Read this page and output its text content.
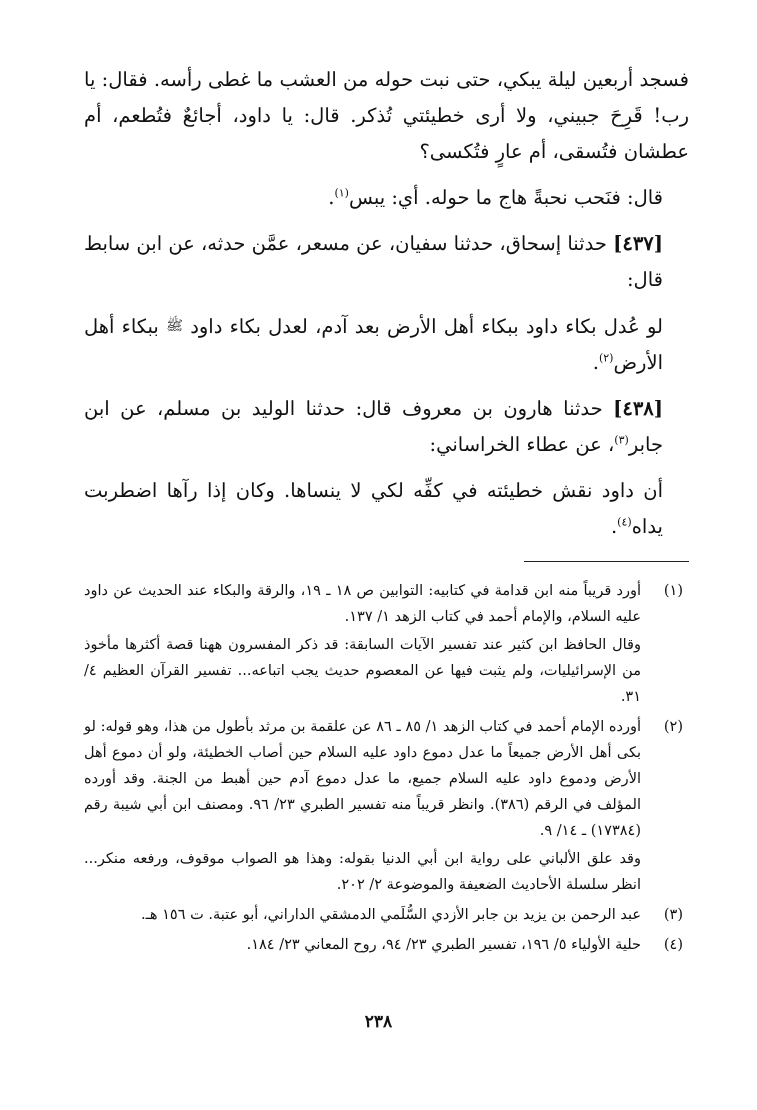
فسجد أربعين ليلة يبكي، حتى نبت حوله من العشب ما غطى رأسه. فقال: يا رب! قَرِحَ جبيني، ولا أرى خطيئتي تُذكر. قال: يا داود، أجائعٌ فتُطعم، أم عطشان فتُسقى، أم عارٍ فتُكسى؟

قال: فنَحب نحبةً هاج ما حوله. أي: يبس$^{(١)}$.

[٤٣٧] حدثنا إسحاق، حدثنا سفيان، عن مسعر، عمَّن حدثه، عن ابن سابط قال:

لو عُدل بكاء داود ببكاء أهل الأرض بعد آدم، لعدل بكاء داود ﷺ ببكاء أهل الأرض$^{(٢)}$.

[٤٣٨] حدثنا هارون بن معروف قال: حدثنا الوليد بن مسلم، عن ابن جابر$^{(٣)}$، عن عطاء الخراساني:

أن داود نقش خطيئته في كفِّه لكي لا ينساها. وكان إذا رآها اضطربت يداه$^{(٤)}$.

(١)

أورد قريباً منه ابن قدامة في كتابيه: التوابين ص ١٨ ـ ١٩، والرقة والبكاء عند الحديث عن داود عليه السلام، والإمام أحمد في كتاب الزهد ١/ ١٣٧.

وقال الحافظ ابن كثير عند تفسير الآيات السابقة: قد ذكر المفسرون ههنا قصة أكثرها مأخوذ من الإسرائيليات، ولم يثبت فيها عن المعصوم حديث يجب اتباعه... تفسير القرآن العظيم ٤/ ٣١.

(٢)

أورده الإمام أحمد في كتاب الزهد ١/ ٨٥ ـ ٨٦ عن علقمة بن مرثد بأطول من هذا، وهو قوله: لو بكى أهل الأرض جميعاً ما عدل دموع داود عليه السلام حين أصاب الخطيئة، ولو أن دموع أهل الأرض ودموع داود عليه السلام جميع، ما عدل دموع آدم حين أهبط من الجنة. وقد أورده المؤلف في الرقم (٣٨٦). وانظر قريباً منه تفسير الطبري ٢٣/ ٩٦. ومصنف ابن أبي شيبة رقم (١٧٣٨٤) ـ ١٤/ ٩.

وقد علق الألباني على رواية ابن أبي الدنيا بقوله: وهذا هو الصواب موقوف، ورفعه منكر... انظر سلسلة الأحاديث الضعيفة والموضوعة ٢/ ٢٠٢.

(٣)

عبد الرحمن بن يزيد بن جابر الأزدي السُّلَمي الدمشقي الداراني، أبو عتبة. ت ١٥٦ هـ.

(٤)

حلية الأولياء ٥/ ١٩٦، تفسير الطبري ٢٣/ ٩٤، روح المعاني ٢٣/ ١٨٤.

٢٣٨
